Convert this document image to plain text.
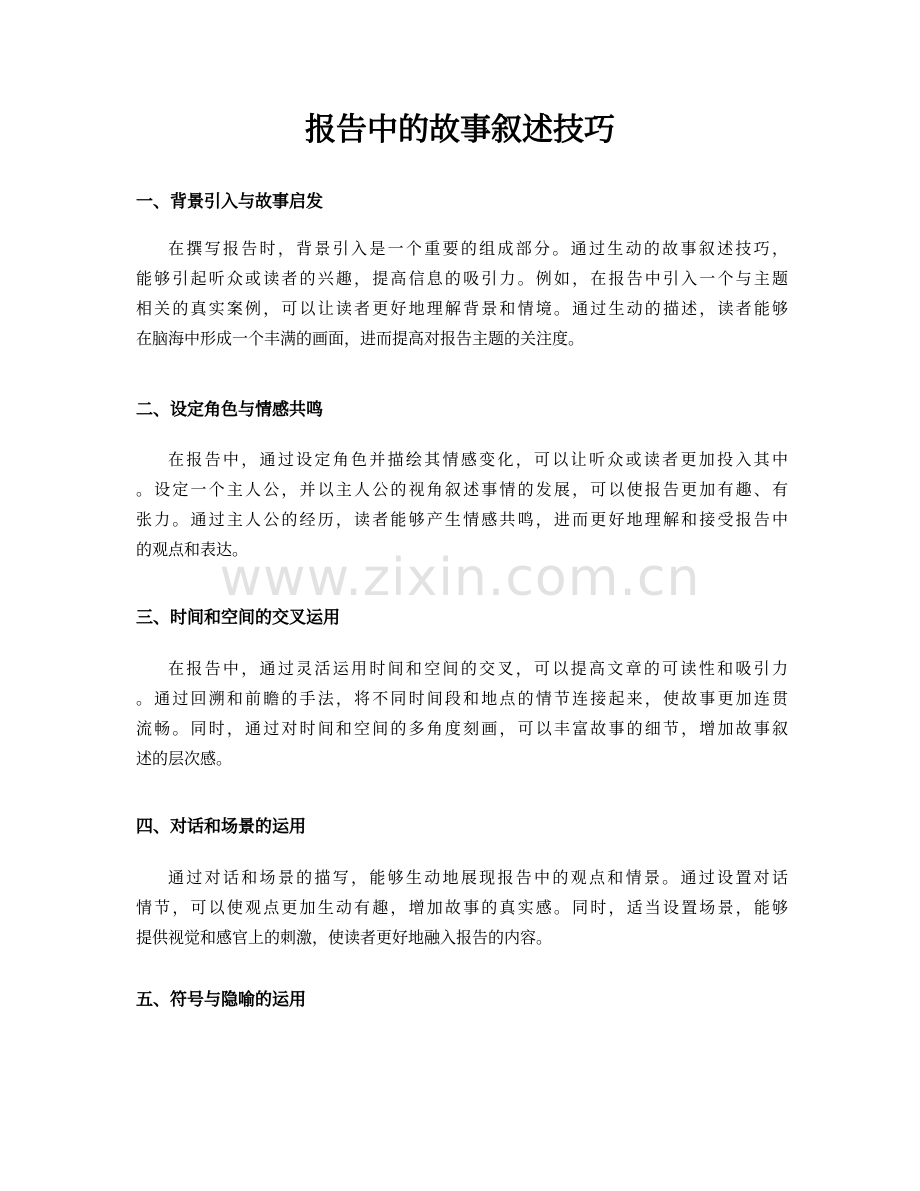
报告中的故事叙述技巧
一、背景引入与故事启发
在撰写报告时，背景引入是一个重要的组成部分。通过生动的故事叙述技巧，
能够引起听众或读者的兴趣，提高信息的吸引力。例如，在报告中引入一个与主题
相关的真实案例，可以让读者更好地理解背景和情境。通过生动的描述，读者能够
在脑海中形成一个丰满的画面，进而提高对报告主题的关注度。
二、设定角色与情感共鸣
在报告中，通过设定角色并描绘其情感变化，可以让听众或读者更加投入其中
。设定一个主人公，并以主人公的视角叙述事情的发展，可以使报告更加有趣、有
张力。通过主人公的经历，读者能够产生情感共鸣，进而更好地理解和接受报告中
的观点和表达。
三、时间和空间的交叉运用
在报告中，通过灵活运用时间和空间的交叉，可以提高文章的可读性和吸引力
。通过回溯和前瞻的手法，将不同时间段和地点的情节连接起来，使故事更加连贯
流畅。同时，通过对时间和空间的多角度刻画，可以丰富故事的细节，增加故事叙
述的层次感。
四、对话和场景的运用
通过对话和场景的描写，能够生动地展现报告中的观点和情景。通过设置对话
情节，可以使观点更加生动有趣，增加故事的真实感。同时，适当设置场景，能够
提供视觉和感官上的刺激，使读者更好地融入报告的内容。
五、符号与隐喻的运用
www.zixin.com.cn
